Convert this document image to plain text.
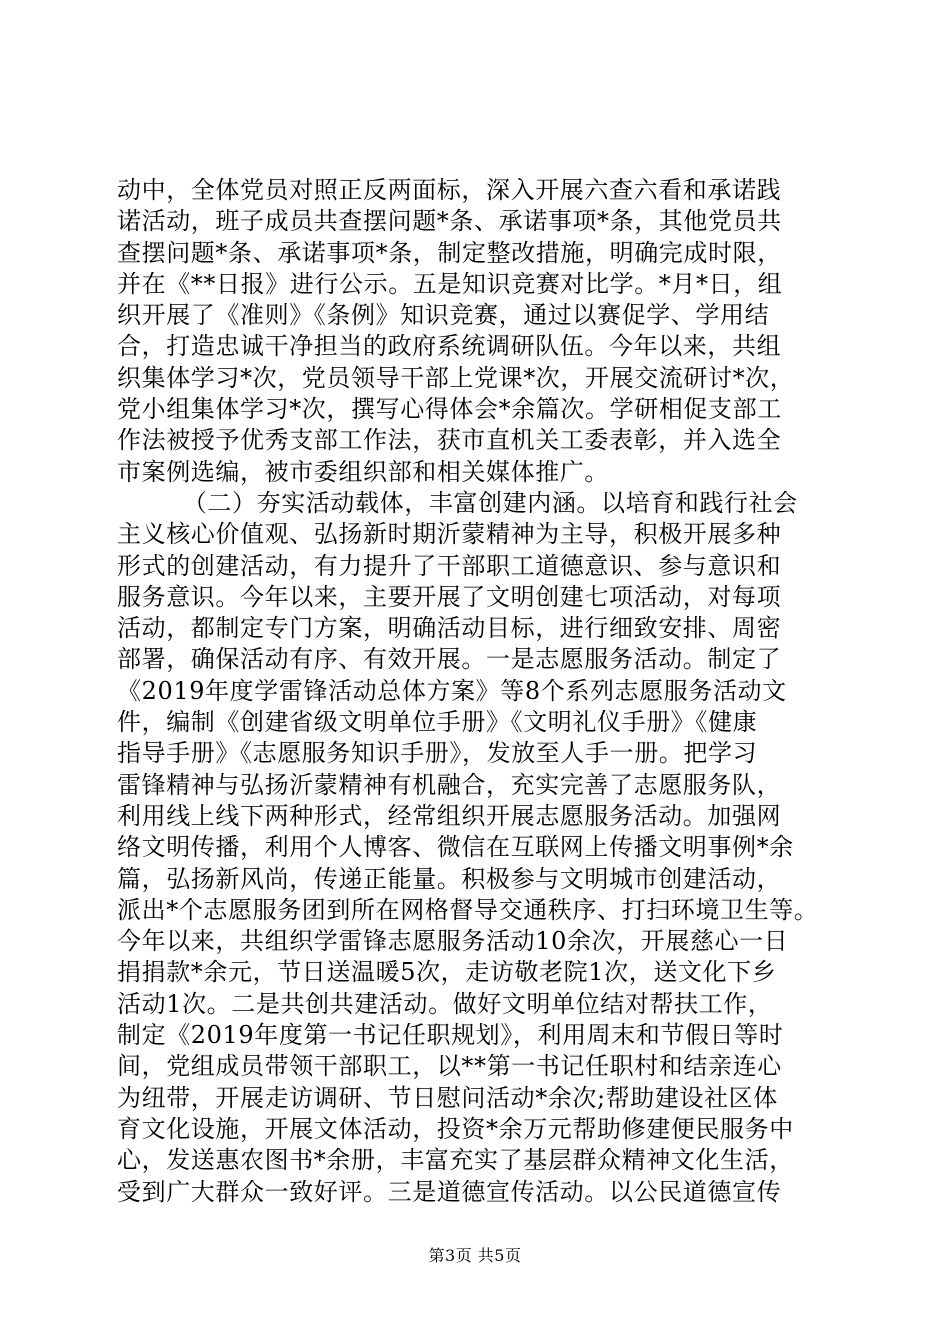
动中，全体党员对照正反两面标，深入开展六查六看和承诺践
诺活动，班子成员共查摆问题*条、承诺事项*条，其他党员共
查摆问题*条、承诺事项*条，制定整改措施，明确完成时限，
并在《**日报》进行公示。五是知识竞赛对比学。*月*日，组
织开展了《准则》《条例》知识竞赛，通过以赛促学、学用结
合，打造忠诚干净担当的政府系统调研队伍。今年以来，共组
织集体学习*次，党员领导干部上党课*次，开展交流研讨*次，
党小组集体学习*次，撰写心得体会*余篇次。学研相促支部工
作法被授予优秀支部工作法，获市直机关工委表彰，并入选全
市案例选编，被市委组织部和相关媒体推广。
（二）夯实活动载体，丰富创建内涵。以培育和践行社会
主义核心价值观、弘扬新时期沂蒙精神为主导，积极开展多种
形式的创建活动，有力提升了干部职工道德意识、参与意识和
服务意识。今年以来，主要开展了文明创建七项活动，对每项
活动，都制定专门方案，明确活动目标，进行细致安排、周密
部署，确保活动有序、有效开展。一是志愿服务活动。制定了
《2019年度学雷锋活动总体方案》等8个系列志愿服务活动文
件，编制《创建省级文明单位手册》《文明礼仪手册》《健康
指导手册》《志愿服务知识手册》，发放至人手一册。把学习
雷锋精神与弘扬沂蒙精神有机融合，充实完善了志愿服务队，
利用线上线下两种形式，经常组织开展志愿服务活动。加强网
络文明传播，利用个人博客、微信在互联网上传播文明事例*余
篇，弘扬新风尚，传递正能量。积极参与文明城市创建活动，
派出*个志愿服务团到所在网格督导交通秩序、打扫环境卫生等。
今年以来，共组织学雷锋志愿服务活动10余次，开展慈心一日
捐捐款*余元，节日送温暖5次，走访敬老院1次，送文化下乡
活动1次。二是共创共建活动。做好文明单位结对帮扶工作，
制定《2019年度第一书记任职规划》，利用周末和节假日等时
间，党组成员带领干部职工，以**第一书记任职村和结亲连心
为纽带，开展走访调研、节日慰问活动*余次;帮助建设社区体
育文化设施，开展文体活动，投资*余万元帮助修建便民服务中
心，发送惠农图书*余册，丰富充实了基层群众精神文化生活，
受到广大群众一致好评。三是道德宣传活动。以公民道德宣传
第3页 共5页
